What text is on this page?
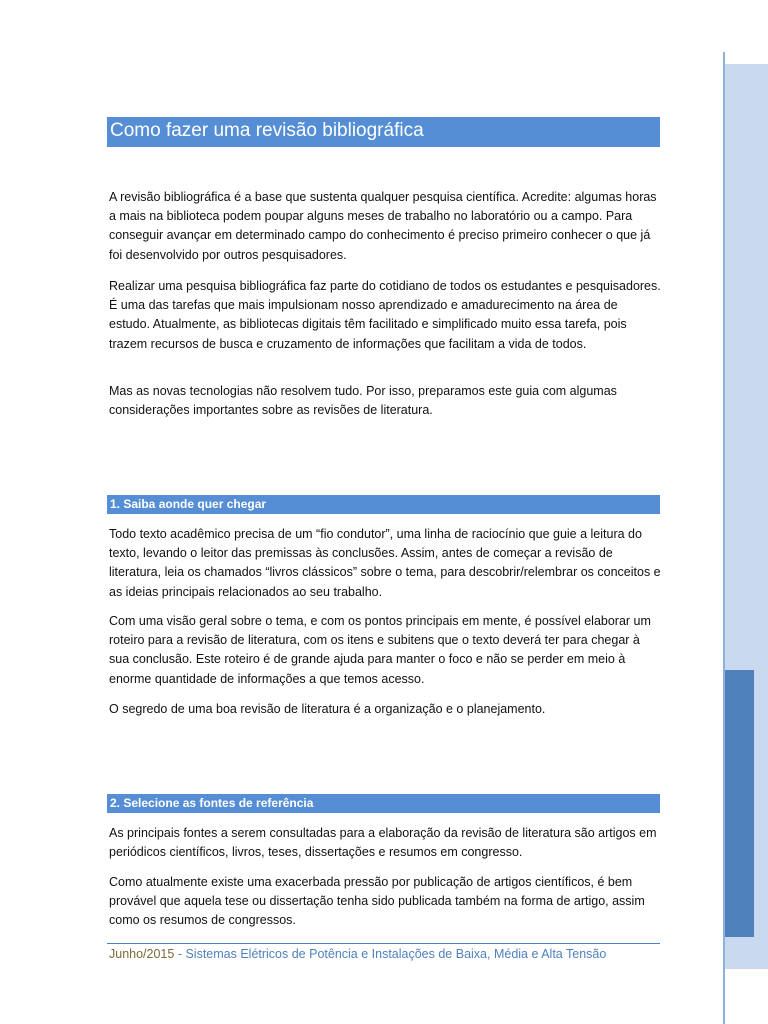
Como fazer uma revisão bibliográfica

A revisão bibliográfica é a base que sustenta qualquer pesquisa científica. Acredite: algumas horas a mais na biblioteca podem poupar alguns meses de trabalho no laboratório ou a campo. Para conseguir avançar em determinado campo do conhecimento é preciso primeiro conhecer o que já foi desenvolvido por outros pesquisadores.

Realizar uma pesquisa bibliográfica faz parte do cotidiano de todos os estudantes e pesquisadores. É uma das tarefas que mais impulsionam nosso aprendizado e amadurecimento na área de estudo. Atualmente, as bibliotecas digitais têm facilitado e simplificado muito essa tarefa, pois trazem recursos de busca e cruzamento de informações que facilitam a vida de todos.

Mas as novas tecnologias não resolvem tudo. Por isso, preparamos este guia com algumas considerações importantes sobre as revisões de literatura.

1. Saiba aonde quer chegar

Todo texto acadêmico precisa de um “fio condutor”, uma linha de raciocínio que guie a leitura do texto, levando o leitor das premissas às conclusões. Assim, antes de começar a revisão de literatura, leia os chamados “livros clássicos” sobre o tema, para descobrir/relembrar os conceitos e as ideias principais relacionados ao seu trabalho.

Com uma visão geral sobre o tema, e com os pontos principais em mente, é possível elaborar um roteiro para a revisão de literatura, com os itens e subitens que o texto deverá ter para chegar à sua conclusão. Este roteiro é de grande ajuda para manter o foco e não se perder em meio à enorme quantidade de informações a que temos acesso.

O segredo de uma boa revisão de literatura é a organização e o planejamento.

2. Selecione as fontes de referência

As principais fontes a serem consultadas para a elaboração da revisão de literatura são artigos em periódicos científicos, livros, teses, dissertações e resumos em congresso.

Como atualmente existe uma exacerbada pressão por publicação de artigos científicos, é bem provável que aquela tese ou dissertação tenha sido publicada também na forma de artigo, assim como os resumos de congressos.

Junho/2015 - Sistemas Elétricos de Potência e Instalações de Baixa, Média e Alta Tensão
